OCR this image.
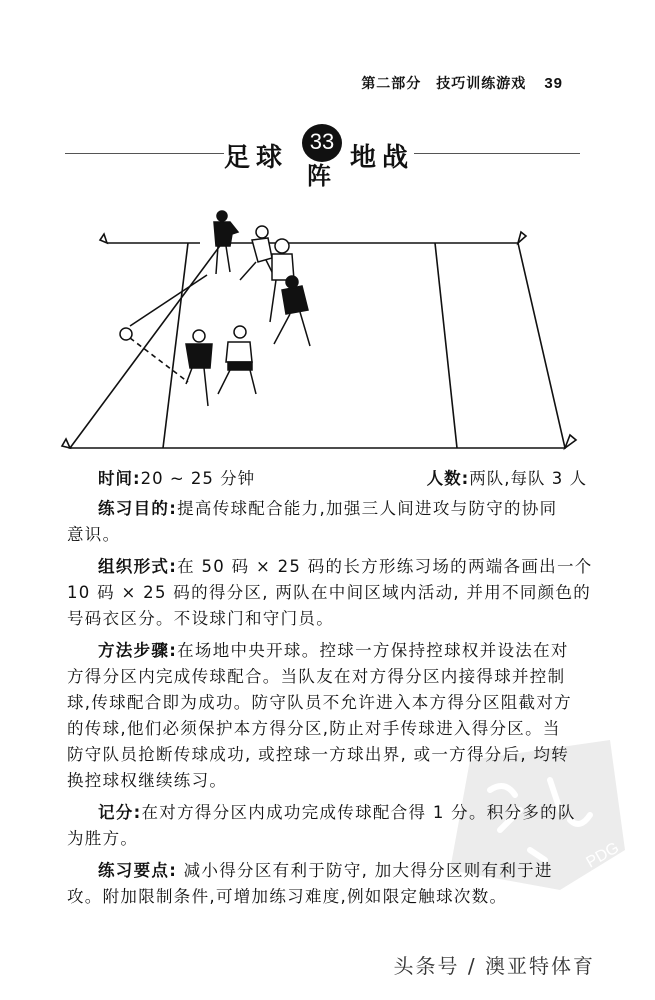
第二部分　技巧训练游戏 39
足球
33
阵
地战
PDG
时间:20 ~ 25 分钟	人数:两队,每队 3 人
练习目的:提高传球配合能力,加强三人间进攻与防守的协同
意识。
组织形式:在 50 码 × 25 码的长方形练习场的两端各画出一个
10 码 × 25 码的得分区, 两队在中间区域内活动, 并用不同颜色的
号码衣区分。不设球门和守门员。
方法步骤:在场地中央开球。控球一方保持控球权并设法在对
方得分区内完成传球配合。当队友在对方得分区内接得球并控制
球,传球配合即为成功。防守队员不允许进入本方得分区阻截对方
的传球,他们必须保护本方得分区,防止对手传球进入得分区。当
防守队员抢断传球成功, 或控球一方球出界, 或一方得分后, 均转
换控球权继续练习。
记分:在对方得分区内成功完成传球配合得 1 分。积分多的队
为胜方。
练习要点: 减小得分区有利于防守, 加大得分区则有利于进
攻。附加限制条件,可增加练习难度,例如限定触球次数。
头条号 / 澳亚特体育
